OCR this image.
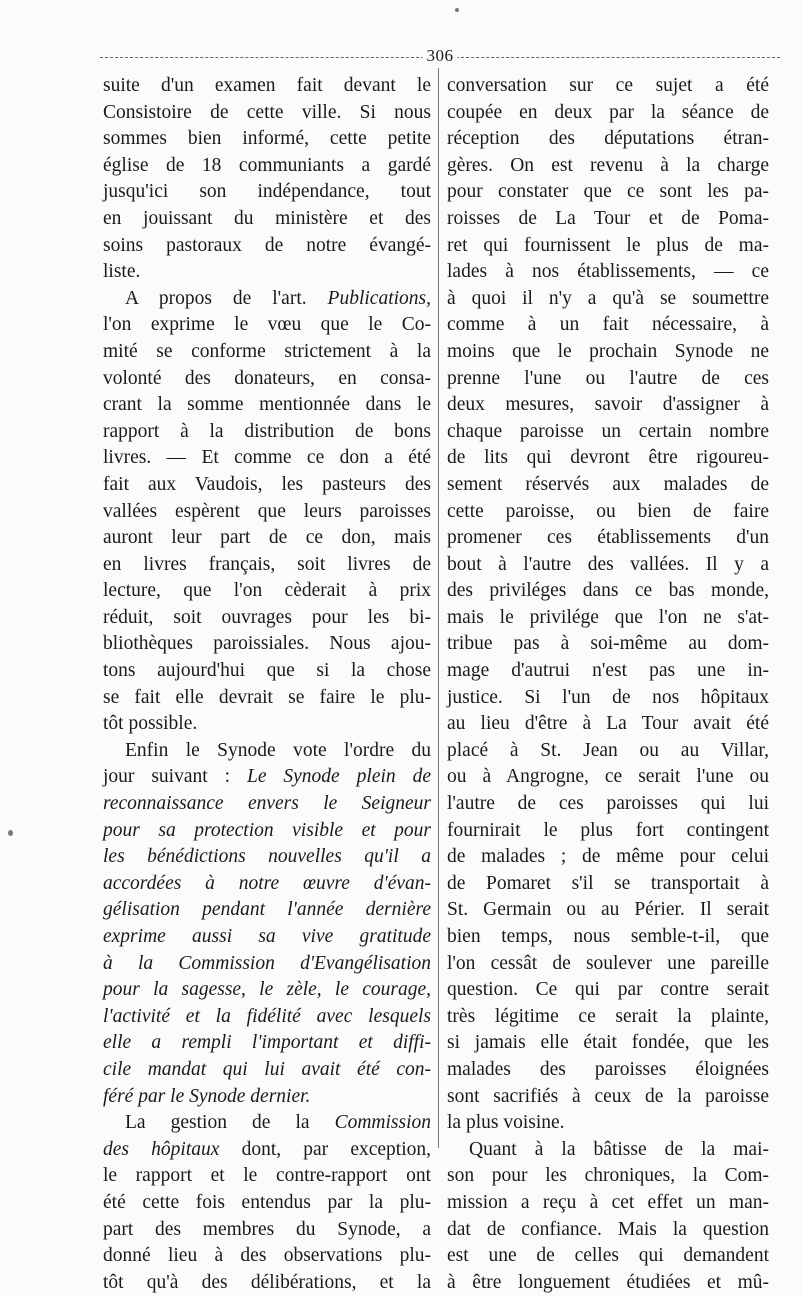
306
suite d'un examen fait devant le
Consistoire de cette ville. Si nous
sommes bien informé, cette petite
église de 18 communiants a gardé
jusqu'ici son indépendance, tout
en jouissant du ministère et des
soins pastoraux de notre évangé-
liste.
A propos de l'art. Publications,
l'on exprime le vœu que le Co-
mité se conforme strictement à la
volonté des donateurs, en consa-
crant la somme mentionnée dans le
rapport à la distribution de bons
livres. — Et comme ce don a été
fait aux Vaudois, les pasteurs des
vallées espèrent que leurs paroisses
auront leur part de ce don, mais
en livres français, soit livres de
lecture, que l'on cèderait à prix
réduit, soit ouvrages pour les bi-
bliothèques paroissiales. Nous ajou-
tons aujourd'hui que si la chose
se fait elle devrait se faire le plu-
tôt possible.
Enfin le Synode vote l'ordre du
jour suivant : Le Synode plein de
reconnaissance envers le Seigneur
pour sa protection visible et pour
les bénédictions nouvelles qu'il a
accordées à notre œuvre d'évan-
gélisation pendant l'année dernière
exprime aussi sa vive gratitude
à la Commission d'Evangélisation
pour la sagesse, le zèle, le courage,
l'activité et la fidélité avec lesquels
elle a rempli l'important et diffi-
cile mandat qui lui avait été con-
féré par le Synode dernier.
La gestion de la Commission
des hôpitaux dont, par exception,
le rapport et le contre-rapport ont
été cette fois entendus par la plu-
part des membres du Synode, a
donné lieu à des observations plu-
tôt qu'à des délibérations, et la
conversation sur ce sujet a été
coupée en deux par la séance de
réception des députations étran-
gères. On est revenu à la charge
pour constater que ce sont les pa-
roisses de La Tour et de Poma-
ret qui fournissent le plus de ma-
lades à nos établissements, — ce
à quoi il n'y a qu'à se soumettre
comme à un fait nécessaire, à
moins que le prochain Synode ne
prenne l'une ou l'autre de ces
deux mesures, savoir d'assigner à
chaque paroisse un certain nombre
de lits qui devront être rigoureu-
sement réservés aux malades de
cette paroisse, ou bien de faire
promener ces établissements d'un
bout à l'autre des vallées. Il y a
des priviléges dans ce bas monde,
mais le privilége que l'on ne s'at-
tribue pas à soi-même au dom-
mage d'autrui n'est pas une in-
justice. Si l'un de nos hôpitaux
au lieu d'être à La Tour avait été
placé à St. Jean ou au Villar,
ou à Angrogne, ce serait l'une ou
l'autre de ces paroisses qui lui
fournirait le plus fort contingent
de malades ; de même pour celui
de Pomaret s'il se transportait à
St. Germain ou au Périer. Il serait
bien temps, nous semble-t-il, que
l'on cessât de soulever une pareille
question. Ce qui par contre serait
très légitime ce serait la plainte,
si jamais elle était fondée, que les
malades des paroisses éloignées
sont sacrifiés à ceux de la paroisse
la plus voisine.
Quant à la bâtisse de la mai-
son pour les chroniques, la Com-
mission a reçu à cet effet un man-
dat de confiance. Mais la question
est une de celles qui demandent
à être longuement étudiées et mû-
